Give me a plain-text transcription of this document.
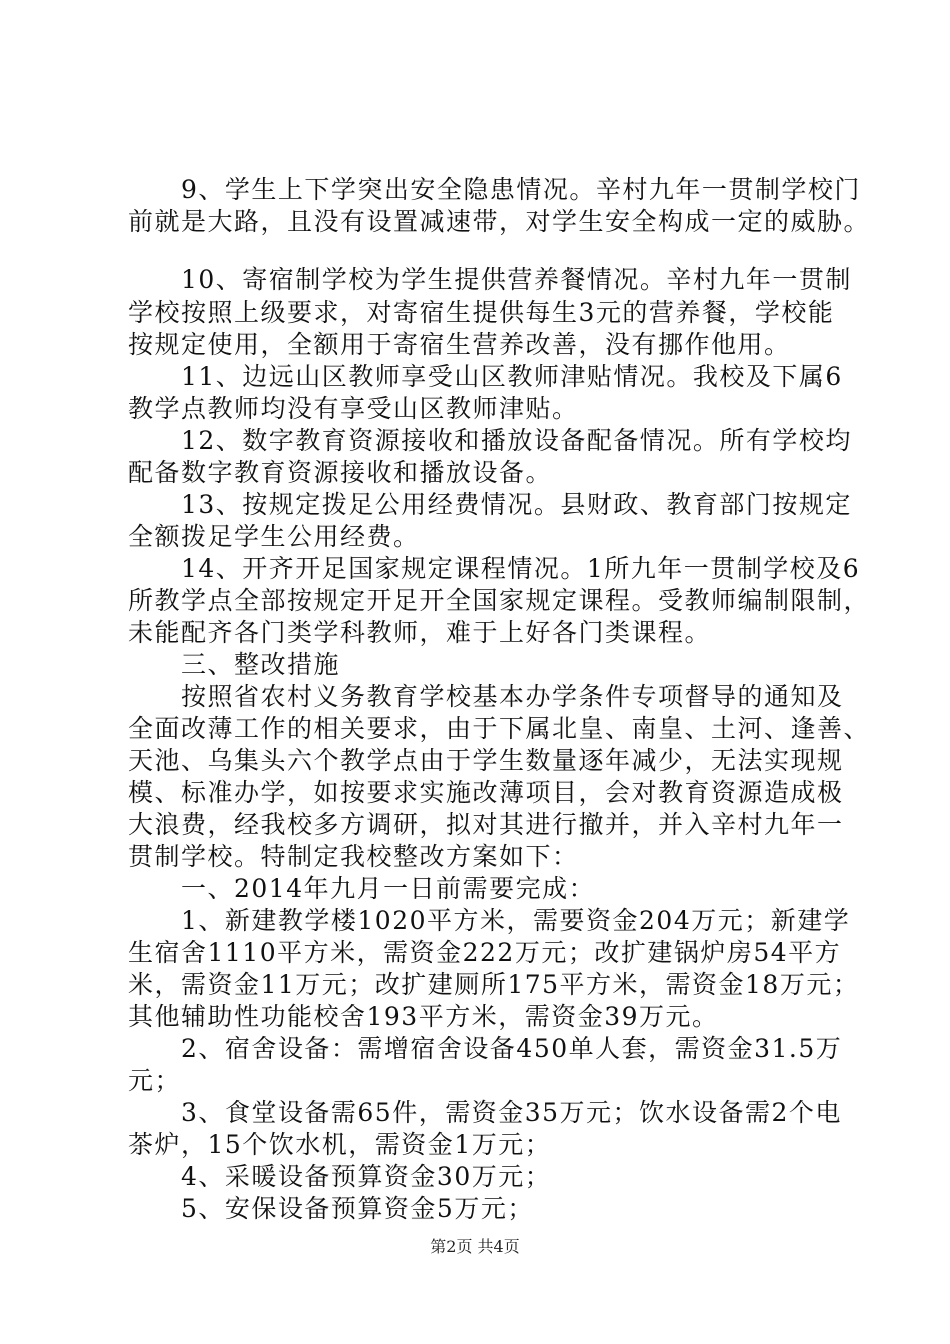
　　9、学生上下学突出安全隐患情况。辛村九年一贯制学校门
前就是大路，且没有设置减速带，对学生安全构成一定的威胁。
　　10、寄宿制学校为学生提供营养餐情况。辛村九年一贯制
学校按照上级要求，对寄宿生提供每生3元的营养餐，学校能
按规定使用，全额用于寄宿生营养改善，没有挪作他用。
　　11、边远山区教师享受山区教师津贴情况。我校及下属6
教学点教师均没有享受山区教师津贴。
　　12、数字教育资源接收和播放设备配备情况。所有学校均
配备数字教育资源接收和播放设备。
　　13、按规定拨足公用经费情况。县财政、教育部门按规定
全额拨足学生公用经费。
　　14、开齐开足国家规定课程情况。1所九年一贯制学校及6
所教学点全部按规定开足开全国家规定课程。受教师编制限制，
未能配齐各门类学科教师，难于上好各门类课程。
　　三、整改措施
　　按照省农村义务教育学校基本办学条件专项督导的通知及
全面改薄工作的相关要求，由于下属北皇、南皇、土河、逢善、
天池、乌集头六个教学点由于学生数量逐年减少，无法实现规
模、标准办学，如按要求实施改薄项目，会对教育资源造成极
大浪费，经我校多方调研，拟对其进行撤并，并入辛村九年一
贯制学校。特制定我校整改方案如下：
　　一、2014年九月一日前需要完成：
　　1、新建教学楼1020平方米，需要资金204万元；新建学
生宿舍1110平方米，需资金222万元；改扩建锅炉房54平方
米，需资金11万元；改扩建厕所175平方米，需资金18万元；
其他辅助性功能校舍193平方米，需资金39万元。
　　2、宿舍设备：需增宿舍设备450单人套，需资金31.5万
元；
　　3、食堂设备需65件，需资金35万元；饮水设备需2个电
茶炉，15个饮水机，需资金1万元；
　　4、采暖设备预算资金30万元；
　　5、安保设备预算资金5万元；
第2页 共4页
